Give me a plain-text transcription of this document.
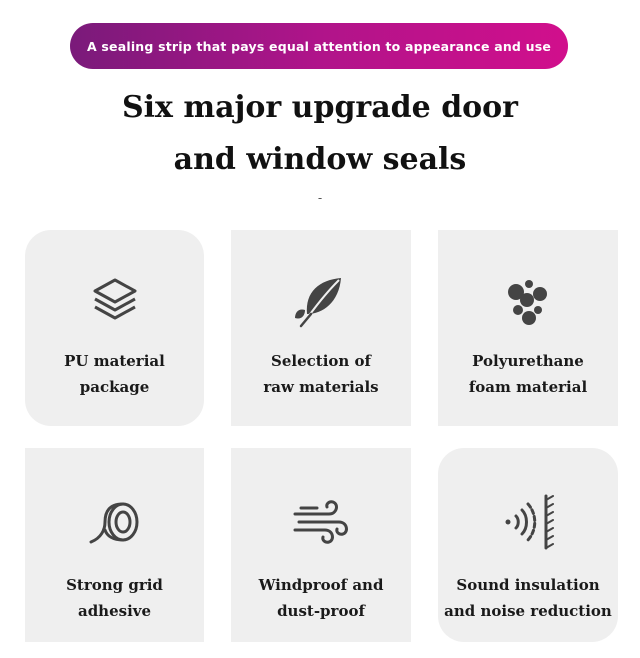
A sealing strip that pays equal attention to appearance and use
Six major upgrade door
and window seals
-
PU material
package
Selection of
raw materials
Polyurethane
foam material
Strong grid
adhesive
Windproof and
dust-proof
Sound insulation
and noise reduction
